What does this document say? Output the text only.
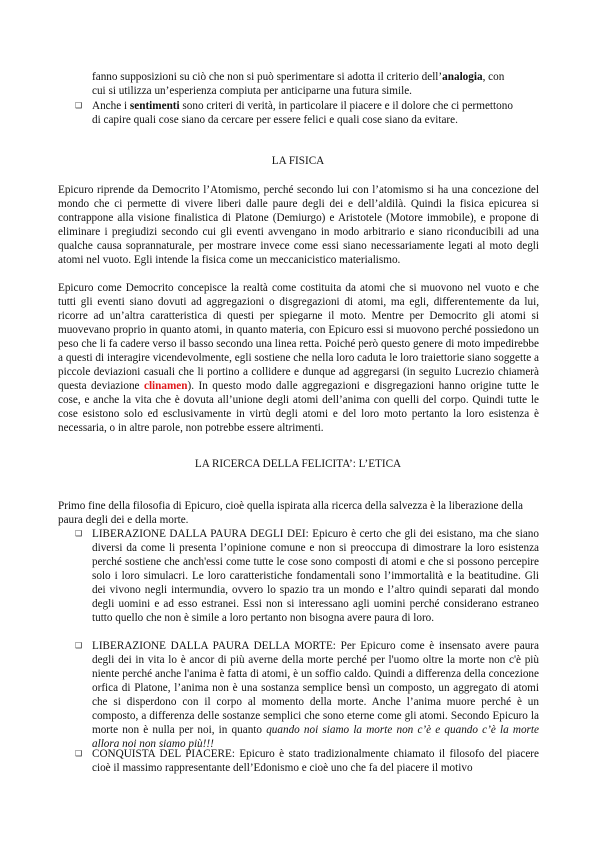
fanno supposizioni su ciò che non si può sperimentare si adotta il criterio dell’analogia, con
cui si utilizza un’esperienza compiuta per anticiparne una futura simile.

❑ Anche i sentimenti sono criteri di verità, in particolare il piacere e il dolore che ci permettono di capire quali cose siano da cercare per essere felici e quali cose siano da evitare.

LA FISICA

Epicuro riprende da Democrito l’Atomismo, perché secondo lui con l’atomismo si ha una concezione del mondo che ci permette di vivere liberi dalle paure degli dei e dell’aldilà. Quindi la fisica epicurea si contrappone alla visione finalistica di Platone (Demiurgo) e Aristotele (Motore immobile), e propone di eliminare i pregiudizi secondo cui gli eventi avvengano in modo arbitrario e siano riconducibili ad una qualche causa soprannaturale, per mostrare invece come essi siano necessariamente legati al moto degli atomi nel vuoto. Egli intende la fisica come un meccanicistico materialismo.

Epicuro come Democrito concepisce la realtà come costituita da atomi che si muovono nel vuoto e che tutti gli eventi siano dovuti ad aggregazioni o disgregazioni di atomi, ma egli, differentemente da lui, ricorre ad un’altra caratteristica di questi per spiegarne il moto. Mentre per Democrito gli atomi si muovevano proprio in quanto atomi, in quanto materia, con Epicuro essi si muovono perché possiedono un peso che li fa cadere verso il basso secondo una linea retta. Poiché però questo genere di moto impedirebbe a questi di interagire vicendevolmente, egli sostiene che nella loro caduta le loro traiettorie siano soggette a piccole deviazioni casuali che li portino a collidere e dunque ad aggregarsi (in seguito Lucrezio chiamerà questa deviazione clinamen). In questo modo dalle aggregazioni e disgregazioni hanno origine tutte le cose, e anche la vita che è dovuta all’unione degli atomi dell’anima con quelli del corpo. Quindi tutte le cose esistono solo ed esclusivamente in virtù degli atomi e del loro moto pertanto la loro esistenza è necessaria, o in altre parole, non potrebbe essere altrimenti.

LA RICERCA DELLA FELICITA’: L’ETICA

Primo fine della filosofia di Epicuro, cioè quella ispirata alla ricerca della salvezza è la liberazione della paura degli dei e della morte.

❑ LIBERAZIONE DALLA PAURA DEGLI DEI: Epicuro è certo che gli dei esistano, ma che siano diversi da come li presenta l’opinione comune e non si preoccupa di dimostrare la loro esistenza perché sostiene che anch'essi come tutte le cose sono composti di atomi e che si possono percepire solo i loro simulacri. Le loro caratteristiche fondamentali sono l’immortalità e la beatitudine. Gli dei vivono negli intermundia, ovvero lo spazio tra un mondo e l’altro quindi separati dal mondo degli uomini e ad esso estranei. Essi non si interessano agli uomini perché considerano estraneo tutto quello che non è simile a loro pertanto non bisogna avere paura di loro.

❑ LIBERAZIONE DALLA PAURA DELLA MORTE: Per Epicuro come è insensato avere paura degli dei in vita lo è ancor di più averne della morte perché per l'uomo oltre la morte non c'è più niente perché anche l'anima è fatta di atomi, è un soffio caldo. Quindi a differenza della concezione orfica di Platone, l’anima non è una sostanza semplice bensì un composto, un aggregato di atomi che si disperdono con il corpo al momento della morte. Anche l’anima muore perché è un composto, a differenza delle sostanze semplici che sono eterne come gli atomi. Secondo Epicuro la morte non è nulla per noi, in quanto quando noi siamo la morte non c’è e quando c’è la morte allora noi non siamo più!!!

❑ CONQUISTA DEL PIACERE: Epicuro è stato tradizionalmente chiamato il filosofo del piacere cioè il massimo rappresentante dell’Edonismo e cioè uno che fa del piacere il motivo
